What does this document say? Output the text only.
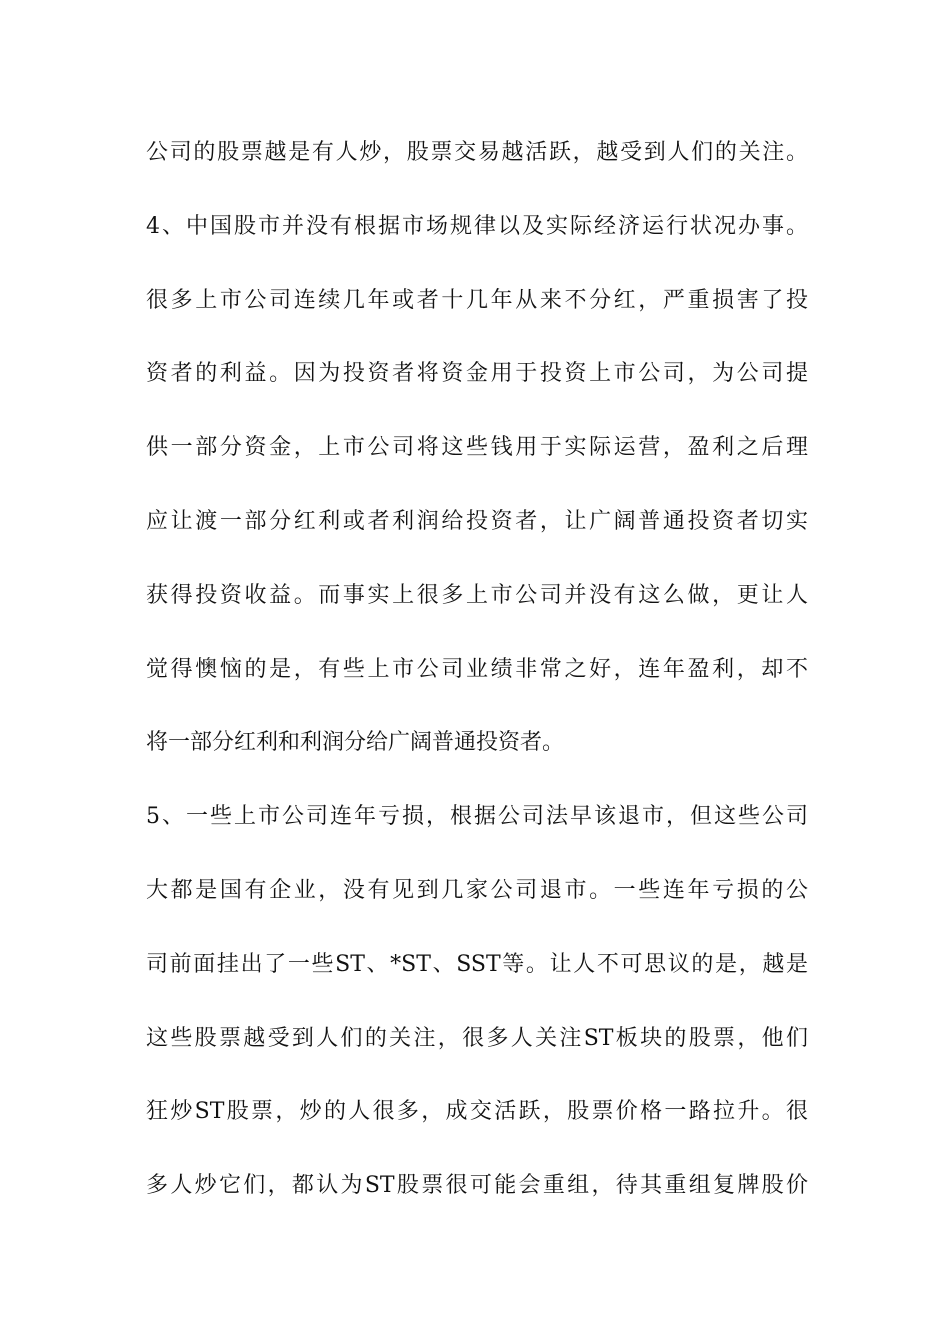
公司的股票越是有人炒，股票交易越活跃，越受到人们的关注。
4、中国股市并没有根据市场规律以及实际经济运行状况办事。
很多上市公司连续几年或者十几年从来不分红，严重损害了投
资者的利益。因为投资者将资金用于投资上市公司，为公司提
供一部分资金，上市公司将这些钱用于实际运营，盈利之后理
应让渡一部分红利或者利润给投资者，让广阔普通投资者切实
获得投资收益。而事实上很多上市公司并没有这么做，更让人
觉得懊恼的是，有些上市公司业绩非常之好，连年盈利，却不
将一部分红利和利润分给广阔普通投资者。
5、一些上市公司连年亏损，根据公司法早该退市，但这些公司
大都是国有企业，没有见到几家公司退市。一些连年亏损的公
司前面挂出了一些ST、*ST、SST等。让人不可思议的是，越是
这些股票越受到人们的关注，很多人关注ST板块的股票，他们
狂炒ST股票，炒的人很多，成交活跃，股票价格一路拉升。很
多人炒它们，都认为ST股票很可能会重组，待其重组复牌股价
